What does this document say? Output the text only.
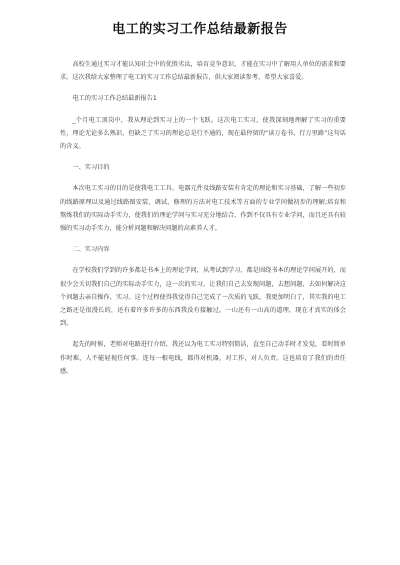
电工的实习工作总结最新报告

高校生通过实习才能认知社会中的优胜劣汰，培育竞争意识，才能在实习中了解用人单位的需求和要求。这次我给大家整理了电工的实习工作总结最新报告，供大家阅读参考，希望大家喜爱。

电工的实习工作总结最新报告1

_个月电工顶岗中，我从理论到实习上的一个飞跃。这次电工实习，使我深刻地理解了实习的重要性，理论无论多么熟识，但缺乏了实习的理论总是行不通的，现在最停留的“读万卷书，行万里路”这句话的含义。

一、实习目的

本次电工实习的目的是使我电工工具、电器元件及线路安装有肯定的理论和实习基础，了解一些初步的线路原理以及通过线路图安装、调试、修理的方法对电工技术等方面的专业学问做初步的理解;培育和熬炼我们的实际动手实力，使我们的理论学问与实习充分地结合，作到不仅具有专业学问，而且还具有较强的实习动手实力，能分析问题和解决问题的高素养人才。

二、实习内容

在学校我们学到的许多都是书本上的理论学问，从考试到学习，都是围绕书本的理论学问展开的，而很少会关切我们自己的实际动手实力，这一次的实习，让我们自己去发现问题，去想问题，去如何解决这个问题去亲自操作，实习。这个过程使得我觉得自己完成了一次质的飞跃，我更加明白了，其实我的电工之路还是很漫长的，还有着许多许多的东西我没有接触过，一山还有一山高的道理，现在才真实的体会到。

起先的时候，老师对电路进行介绍，我还以为电工实习特别简洁，直至自己动手时才发觉，看时简单作时难，人不能轻视任何事。连每一根电线，都得对机器，对工作，对人负责。这也培育了我们的责任感。
